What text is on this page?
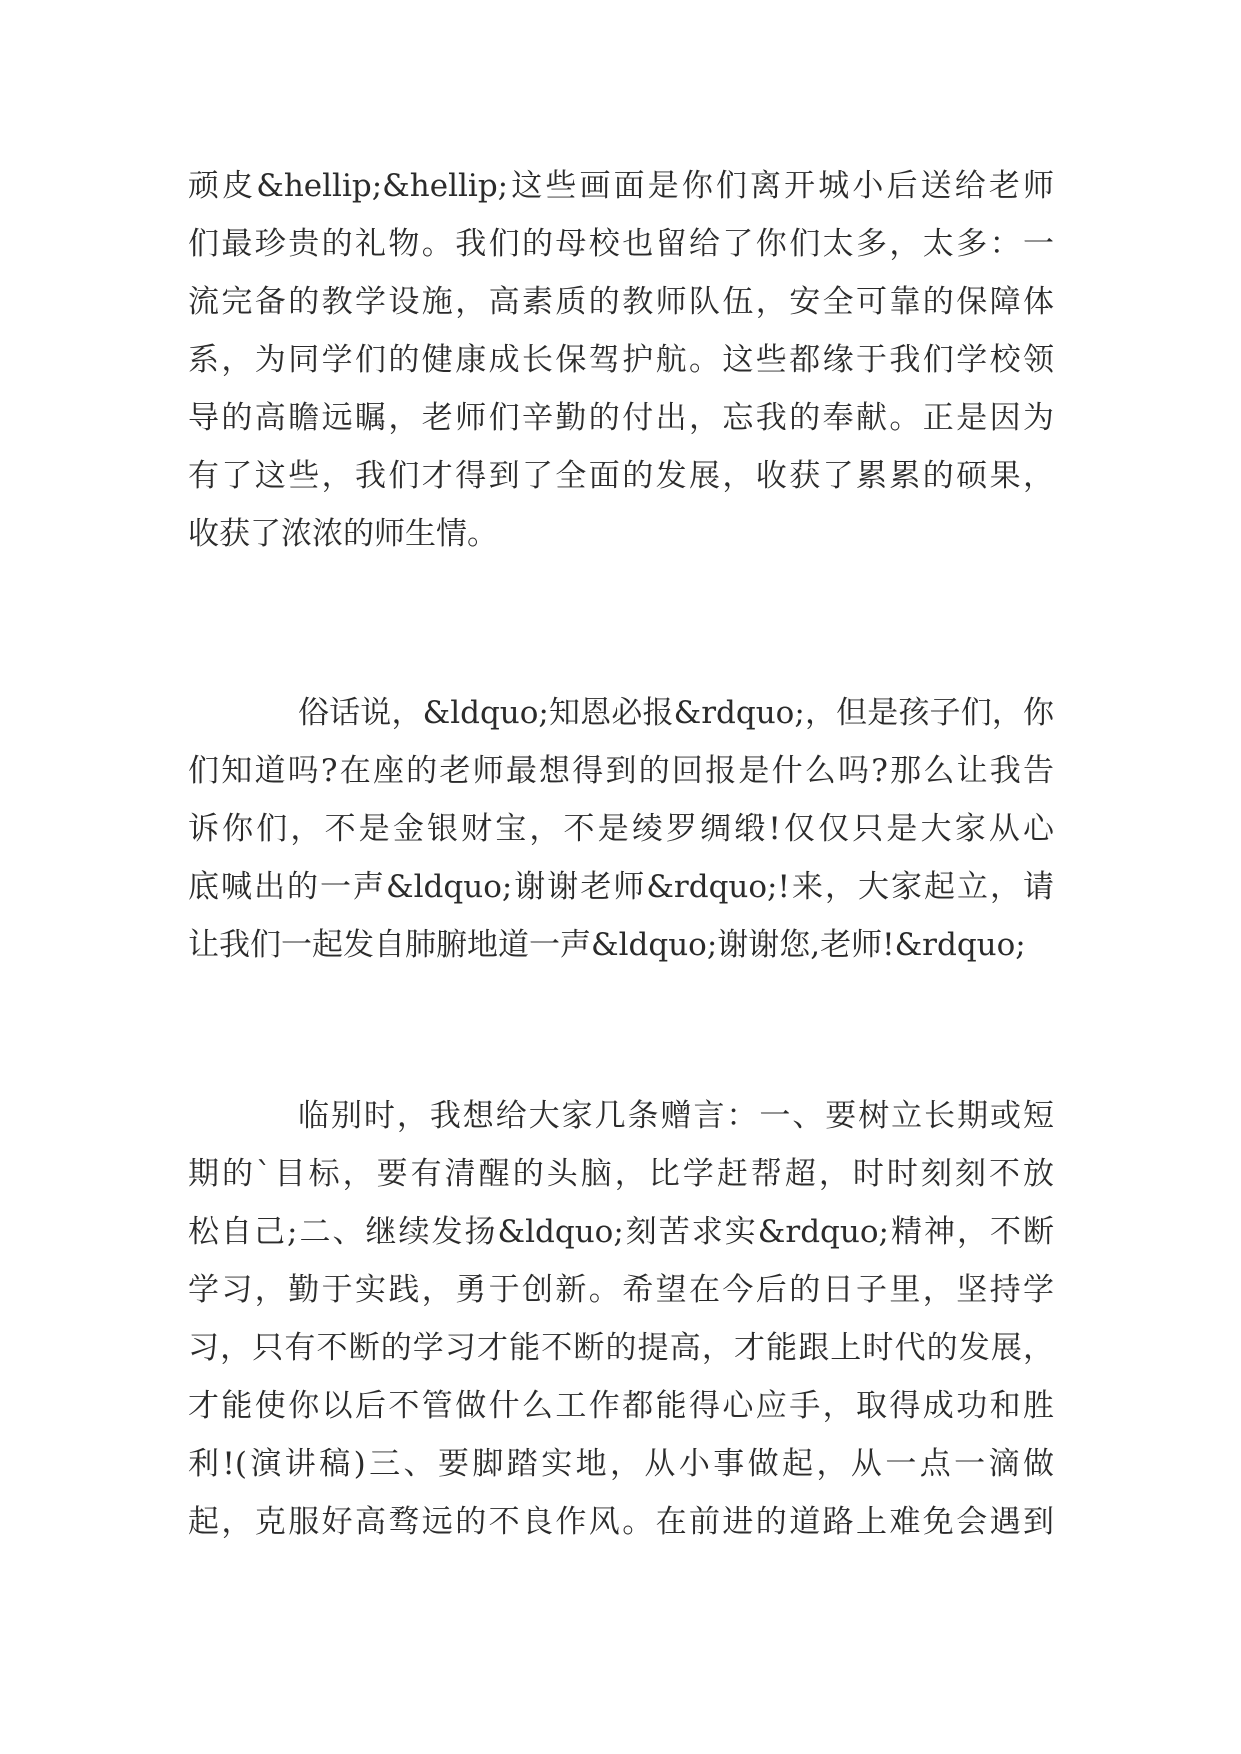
顽皮&hellip;&hellip;这些画面是你们离开城小后送给老师
们最珍贵的礼物。我们的母校也留给了你们太多，太多：一
流完备的教学设施，高素质的教师队伍，安全可靠的保障体
系，为同学们的健康成长保驾护航。这些都缘于我们学校领
导的高瞻远瞩，老师们辛勤的付出，忘我的奉献。正是因为
有了这些，我们才得到了全面的发展，收获了累累的硕果，
收获了浓浓的师生情。
俗话说，&ldquo;知恩必报&rdquo;，但是孩子们，你
们知道吗?在座的老师最想得到的回报是什么吗?那么让我告
诉你们，不是金银财宝，不是绫罗绸缎!仅仅只是大家从心
底喊出的一声&ldquo;谢谢老师&rdquo;!来，大家起立，请
让我们一起发自肺腑地道一声&ldquo;谢谢您,老师!&rdquo;
临别时，我想给大家几条赠言：一、要树立长期或短
期的`目标，要有清醒的头脑，比学赶帮超，时时刻刻不放
松自己;二、继续发扬&ldquo;刻苦求实&rdquo;精神，不断
学习，勤于实践，勇于创新。希望在今后的日子里，坚持学
习，只有不断的学习才能不断的提高，才能跟上时代的发展，
才能使你以后不管做什么工作都能得心应手，取得成功和胜
利!(演讲稿)三、要脚踏实地，从小事做起，从一点一滴做
起，克服好高骛远的不良作风。在前进的道路上难免会遇到
